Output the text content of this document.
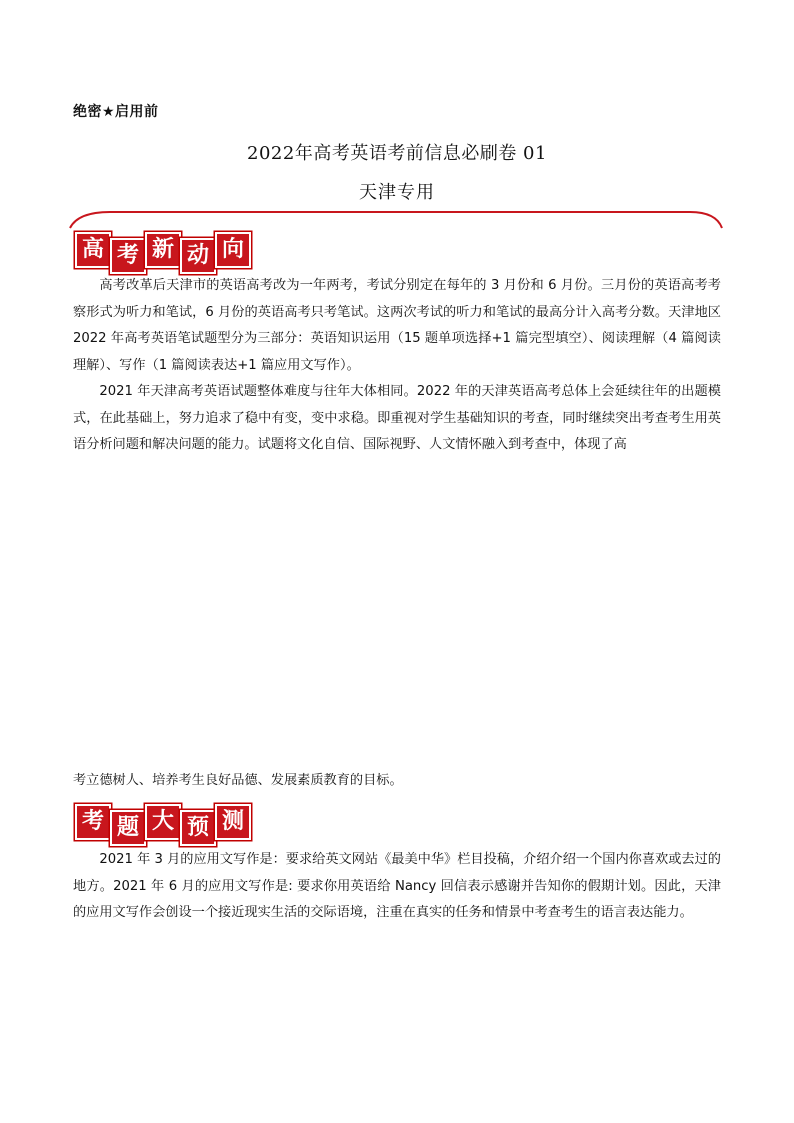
绝密★启用前
2022年高考英语考前信息必刷卷 01
天津专用
高 考 新 动 向

高考改革后天津市的英语高考改为一年两考，考试分别定在每年的 3 月份和 6 月份。三月份的英语高考考察形式为听力和笔试，6 月份的英语高考只考笔试。这两次考试的听力和笔试的最高分计入高考分数。天津地区 2022 年高考英语笔试题型分为三部分：英语知识运用（15 题单项选择+1 篇完型填空）、阅读理解（4 篇阅读理解）、写作（1 篇阅读表达+1 篇应用文写作）。

2021 年天津高考英语试题整体难度与往年大体相同。2022 年的天津英语高考总体上会延续往年的出题模式，在此基础上，努力追求了稳中有变，变中求稳。即重视对学生基础知识的考查，同时继续突出考查考生用英语分析问题和解决问题的能力。试题将文化自信、国际视野、人文情怀融入到考查中，体现了高

考立德树人、培养考生良好品德、发展素质教育的目标。

考 题 大 预 测

2021 年 3 月的应用文写作是：要求给英文网站《最美中华》栏目投稿，介绍介绍一个国内你喜欢或去过的地方。2021 年 6 月的应用文写作是: 要求你用英语给 Nancy 回信表示感谢并告知你的假期计划。因此，天津的应用文写作会创设一个接近现实生活的交际语境，注重在真实的任务和情景中考查考生的语言表达能力。
